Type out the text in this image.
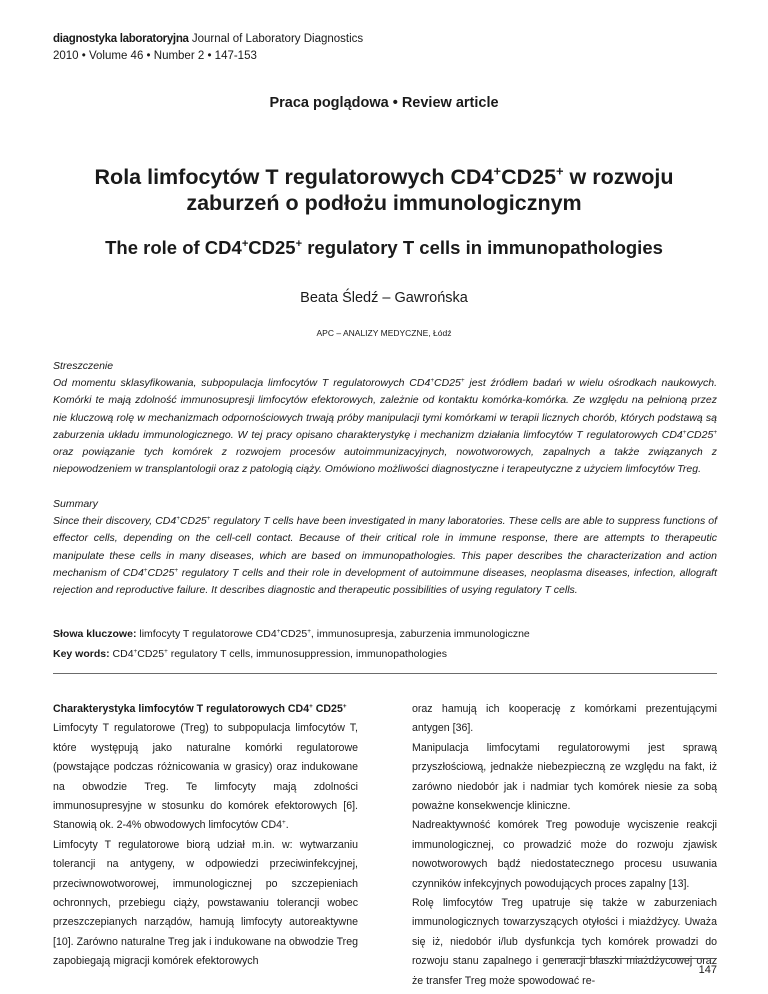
diagnostyka laboratoryjna Journal of Laboratory Diagnostics
2010 • Volume 46 • Number 2 • 147-153
Praca poglądowa • Review article
Rola limfocytów T regulatorowych CD4+CD25+ w rozwoju
zaburzeń o podłożu immunologicznym
The role of CD4+CD25+ regulatory T cells in immunopathologies
Beata Śledź – Gawrońska
APC – ANALIZY MEDYCZNE, Łódź
Streszczenie
Od momentu sklasyfikowania, subpopulacja limfocytów T regulatorowych CD4+CD25+ jest źródłem badań w wielu ośrodkach naukowych. Komórki te mają zdolność immunosupresji limfocytów efektorowych, zależnie od kontaktu komórka-komórka. Ze względu na pełnioną przez nie kluczową rolę w mechanizmach odpornościowych trwają próby manipulacji tymi komórkami w terapii licznych chorób, których podstawą są zaburzenia układu immunologicznego. W tej pracy opisano charakterystykę i mechanizm działania limfocytów T regulatorowych CD4+CD25+ oraz powiązanie tych komórek z rozwojem procesów autoimmunizacyjnych, nowotworowych, zapalnych a także związanych z niepowodzeniem w transplantologii oraz z patologią ciąży. Omówiono możliwości diagnostyczne i terapeutyczne z użyciem limfocytów Treg.
Summary
Since their discovery, CD4+CD25+ regulatory T cells have been investigated in many laboratories. These cells are able to suppress functions of effector cells, depending on the cell-cell contact. Because of their critical role in immune response, there are attempts to therapeutic manipulate these cells in many diseases, which are based on immunopathologies. This paper describes the characterization and action mechanism of CD4+CD25+ regulatory T cells and their role in development of autoimmune diseases, neoplasma diseases, infection, allograft rejection and reproductive failure. It describes diagnostic and therapeutic possibilities of usying regulatory T cells.
Słowa kluczowe: limfocyty T regulatorowe CD4+CD25+, immunosupresja, zaburzenia immunologiczne
Key words: CD4+CD25+ regulatory T cells, immunosuppression, immunopathologies

Charakterystyka limfocytów T regulatorowych CD4+ CD25+

Limfocyty T regulatorowe (Treg) to subpopulacja limfocytów T, które występują jako naturalne komórki regulatorowe (powstające podczas różnicowania w grasicy) oraz indukowane na obwodzie Treg. Te limfocyty mają zdolności immunosupresyjne w stosunku do komórek efektorowych [6]. Stanowią ok. 2-4% obwodowych limfocytów CD4+.

Limfocyty T regulatorowe biorą udział m.in. w: wytwarzaniu tolerancji na antygeny, w odpowiedzi przeciwinfekcyjnej, przeciwnowotworowej, immunologicznej po szczepieniach ochronnych, przebiegu ciąży, powstawaniu tolerancji wobec przeszczepianych narządów, hamują limfocyty autoreaktywne [10]. Zarówno naturalne Treg jak i indukowane na obwodzie Treg zapobiegają migracji komórek efektorowych

oraz hamują ich kooperację z komórkami prezentującymi antygen [36].

Manipulacja limfocytami regulatorowymi jest sprawą przyszłościową, jednakże niebezpieczną ze względu na fakt, iż zarówno niedobór jak i nadmiar tych komórek niesie za sobą poważne konsekwencje kliniczne.

Nadreaktywność komórek Treg powoduje wyciszenie reakcji immunologicznej, co prowadzić może do rozwoju zjawisk nowotworowych bądź niedostatecznego procesu usuwania czynników infekcyjnych powodujących proces zapalny [13].

Rolę limfocytów Treg upatruje się także w zaburzeniach immunologicznych towarzyszących otyłości i miażdżycy. Uważa się iż, niedobór i/lub dysfunkcja tych komórek prowadzi do rozwoju stanu zapalnego i generacji blaszki miażdżycowej oraz że transfer Treg może spowodować re-

147
